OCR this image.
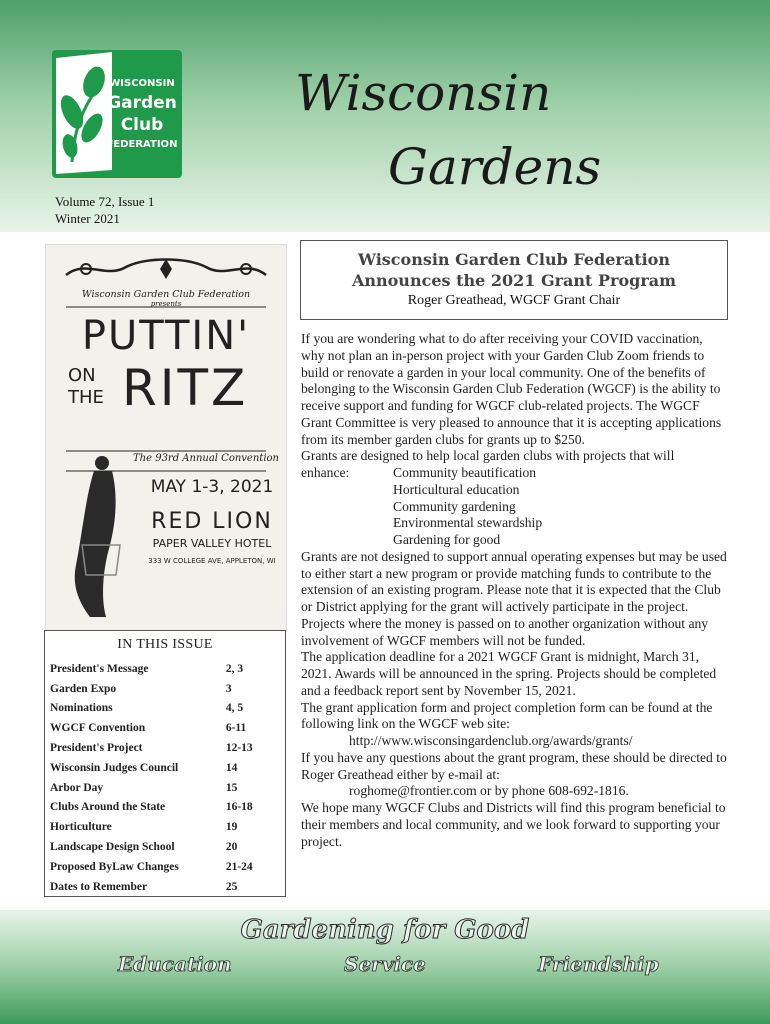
WISCONSIN
Garden
Club
FEDERATION
Wisconsin
Gardens
Volume 72, Issue 1
Winter 2021
Wisconsin Garden Club Federation
presents
PUTTIN'
ON
THE RITZ
The 93rd Annual Convention
MAY 1-3, 2021
RED LION
PAPER VALLEY HOTEL
333 W COLLEGE AVE, APPLETON, WI
IN THIS ISSUE
President's Message	2, 3
Garden Expo	3
Nominations	4, 5
WGCF Convention	6-11
President's Project	12-13
Wisconsin Judges Council	14
Arbor Day	15
Clubs Around the State	16-18
Horticulture	19
Landscape Design School	20
Proposed ByLaw Changes	21-24
Dates to Remember	25
Wisconsin Garden Club Federation
Announces the 2021 Grant Program
Roger Greathead, WGCF Grant Chair

If you are wondering what to do after receiving your COVID vaccination, why not plan an in-person project with your Garden Club Zoom friends to build or renovate a garden in your local community. One of the benefits of belonging to the Wisconsin Garden Club Federation (WGCF) is the ability to receive support and funding for WGCF club-related projects. The WGCF Grant Committee is very pleased to announce that it is accepting applications from its member garden clubs for grants up to $250.

Grants are designed to help local garden clubs with projects that will

enhance:	Community beautification
Horticultural education
Community gardening
Environmental stewardship
Gardening for good

Grants are not designed to support annual operating expenses but may be used to either start a new program or provide matching funds to contribute to the extension of an existing program. Please note that it is expected that the Club or District applying for the grant will actively participate in the project. Projects where the money is passed on to another organization without any involvement of WGCF members will not be funded.

The application deadline for a 2021 WGCF Grant is midnight, March 31, 2021. Awards will be announced in the spring. Projects should be completed and a feedback report sent by November 15, 2021.

The grant application form and project completion form can be found at the following link on the WGCF web site:

http://www.wisconsingardenclub.org/awards/grants/

If you have any questions about the grant program, these should be directed to Roger Greathead either by e-mail at:

roghome@frontier.com or by phone 608-692-1816.

We hope many WGCF Clubs and Districts will find this program beneficial to their members and local community, and we look forward to supporting your project.

Gardening for Good
Education	Service	Friendship
